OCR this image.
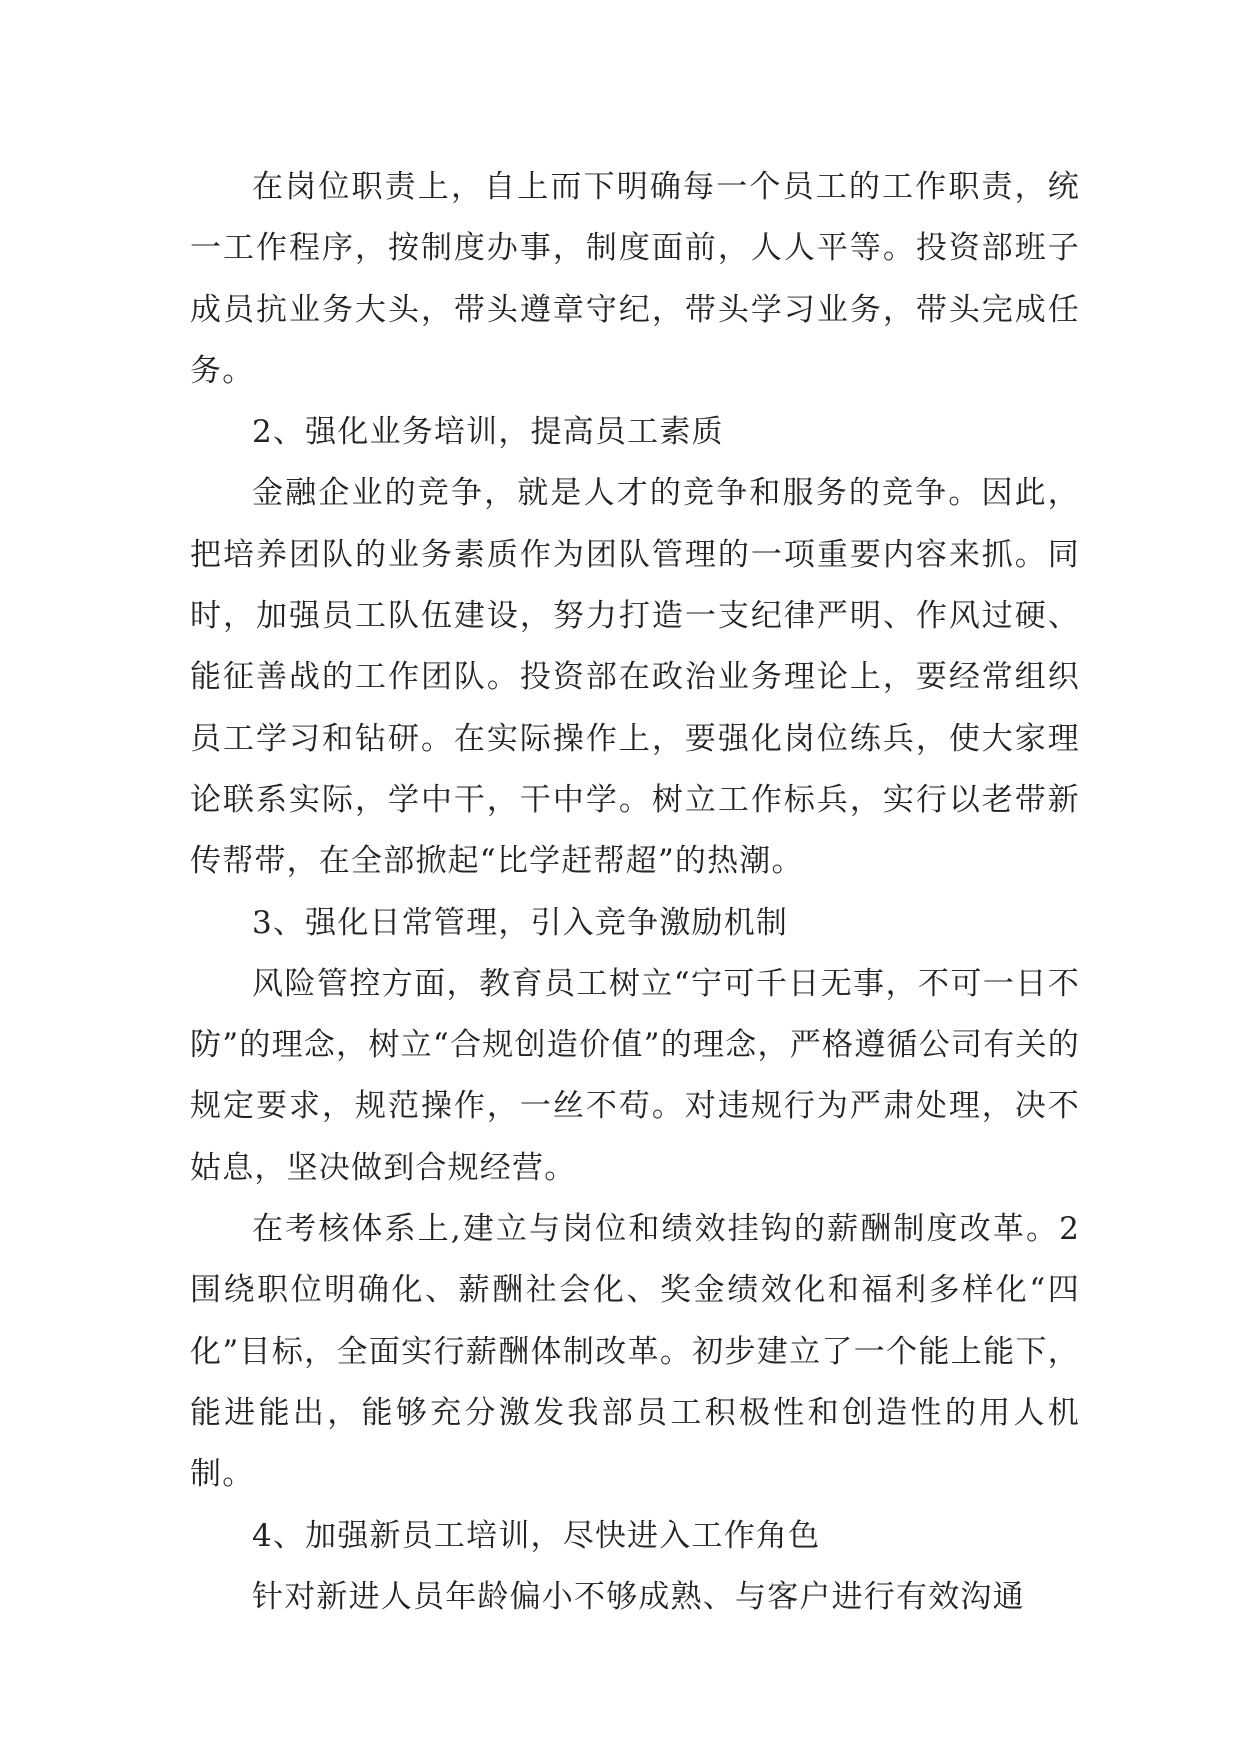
在岗位职责上，自上而下明确每一个员工的工作职责，统一工作程序，按制度办事，制度面前，人人平等。投资部班子成员抗业务大头，带头遵章守纪，带头学习业务，带头完成任务。

2、强化业务培训，提高员工素质

金融企业的竞争，就是人才的竞争和服务的竞争。因此，把培养团队的业务素质作为团队管理的一项重要内容来抓。同时，加强员工队伍建设，努力打造一支纪律严明、作风过硬、能征善战的工作团队。投资部在政治业务理论上，要经常组织员工学习和钻研。在实际操作上，要强化岗位练兵，使大家理论联系实际，学中干，干中学。树立工作标兵，实行以老带新传帮带，在全部掀起“比学赶帮超”的热潮。

3、强化日常管理，引入竞争激励机制

风险管控方面，教育员工树立“宁可千日无事，不可一日不防”的理念，树立“合规创造价值”的理念，严格遵循公司有关的规定要求，规范操作，一丝不苟。对违规行为严肃处理，决不姑息，坚决做到合规经营。

在考核体系上,建立与岗位和绩效挂钩的薪酬制度改革。2围绕职位明确化、薪酬社会化、奖金绩效化和福利多样化“四化”目标，全面实行薪酬体制改革。初步建立了一个能上能下，能进能出，能够充分激发我部员工积极性和创造性的用人机制。

4、加强新员工培训，尽快进入工作角色

针对新进人员年龄偏小不够成熟、与客户进行有效沟通
